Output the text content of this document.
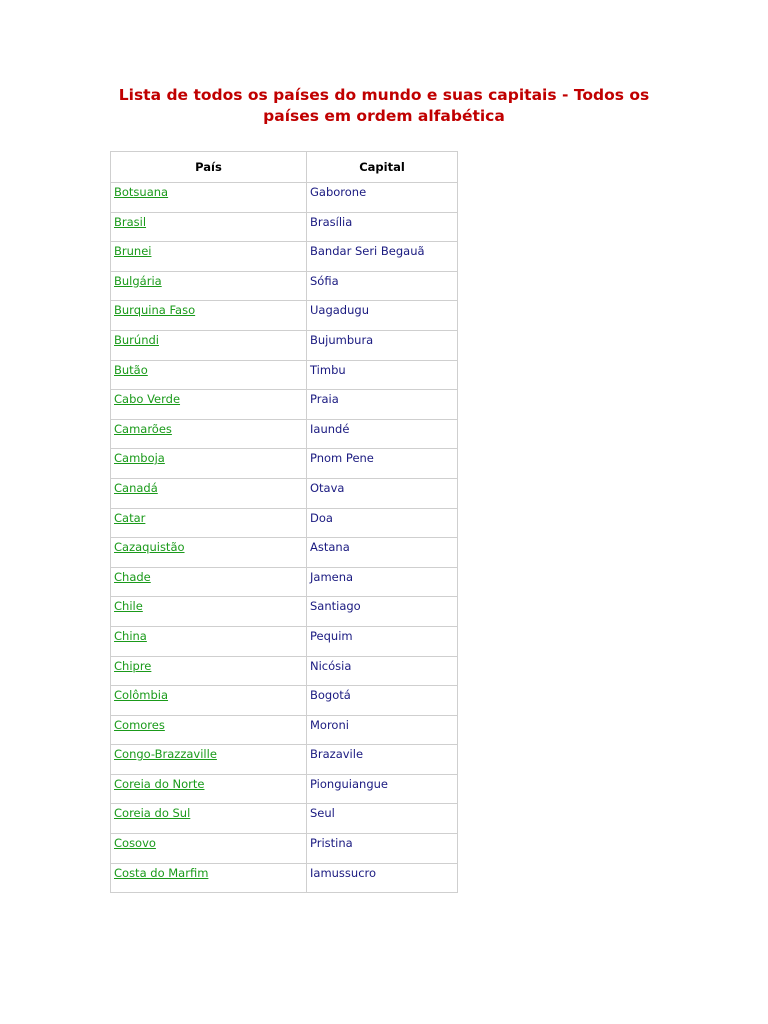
Lista de todos os países do mundo e suas capitais - Todos os países em ordem alfabética
País	Capital
Botsuana	Gaborone
Brasil	Brasília
Brunei	Bandar Seri Begauã
Bulgária	Sófia
Burquina Faso	Uagadugu
Burúndi	Bujumbura
Butão	Timbu
Cabo Verde	Praia
Camarões	Iaundé
Camboja	Pnom Pene
Canadá	Otava
Catar	Doa
Cazaquistão	Astana
Chade	Jamena
Chile	Santiago
China	Pequim
Chipre	Nicósia
Colômbia	Bogotá
Comores	Moroni
Congo-Brazzaville	Brazavile
Coreia do Norte	Pionguiangue
Coreia do Sul	Seul
Cosovo	Pristina
Costa do Marfim	Iamussucro
